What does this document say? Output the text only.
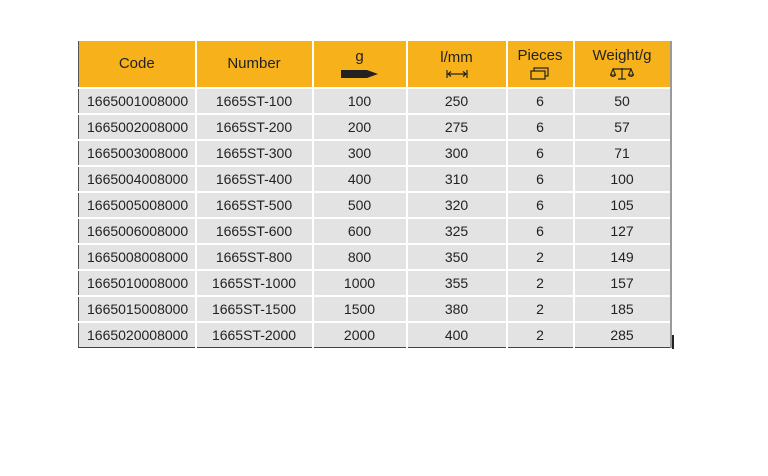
Code	Number	g	l/mm	Pieces	Weight/g

1665001008000	1665ST-100	100	250	6	50
1665002008000	1665ST-200	200	275	6	57
1665003008000	1665ST-300	300	300	6	71
1665004008000	1665ST-400	400	310	6	100
1665005008000	1665ST-500	500	320	6	105
1665006008000	1665ST-600	600	325	6	127
1665008008000	1665ST-800	800	350	2	149
1665010008000	1665ST-1000	1000	355	2	157
1665015008000	1665ST-1500	1500	380	2	185
1665020008000	1665ST-2000	2000	400	2	285
